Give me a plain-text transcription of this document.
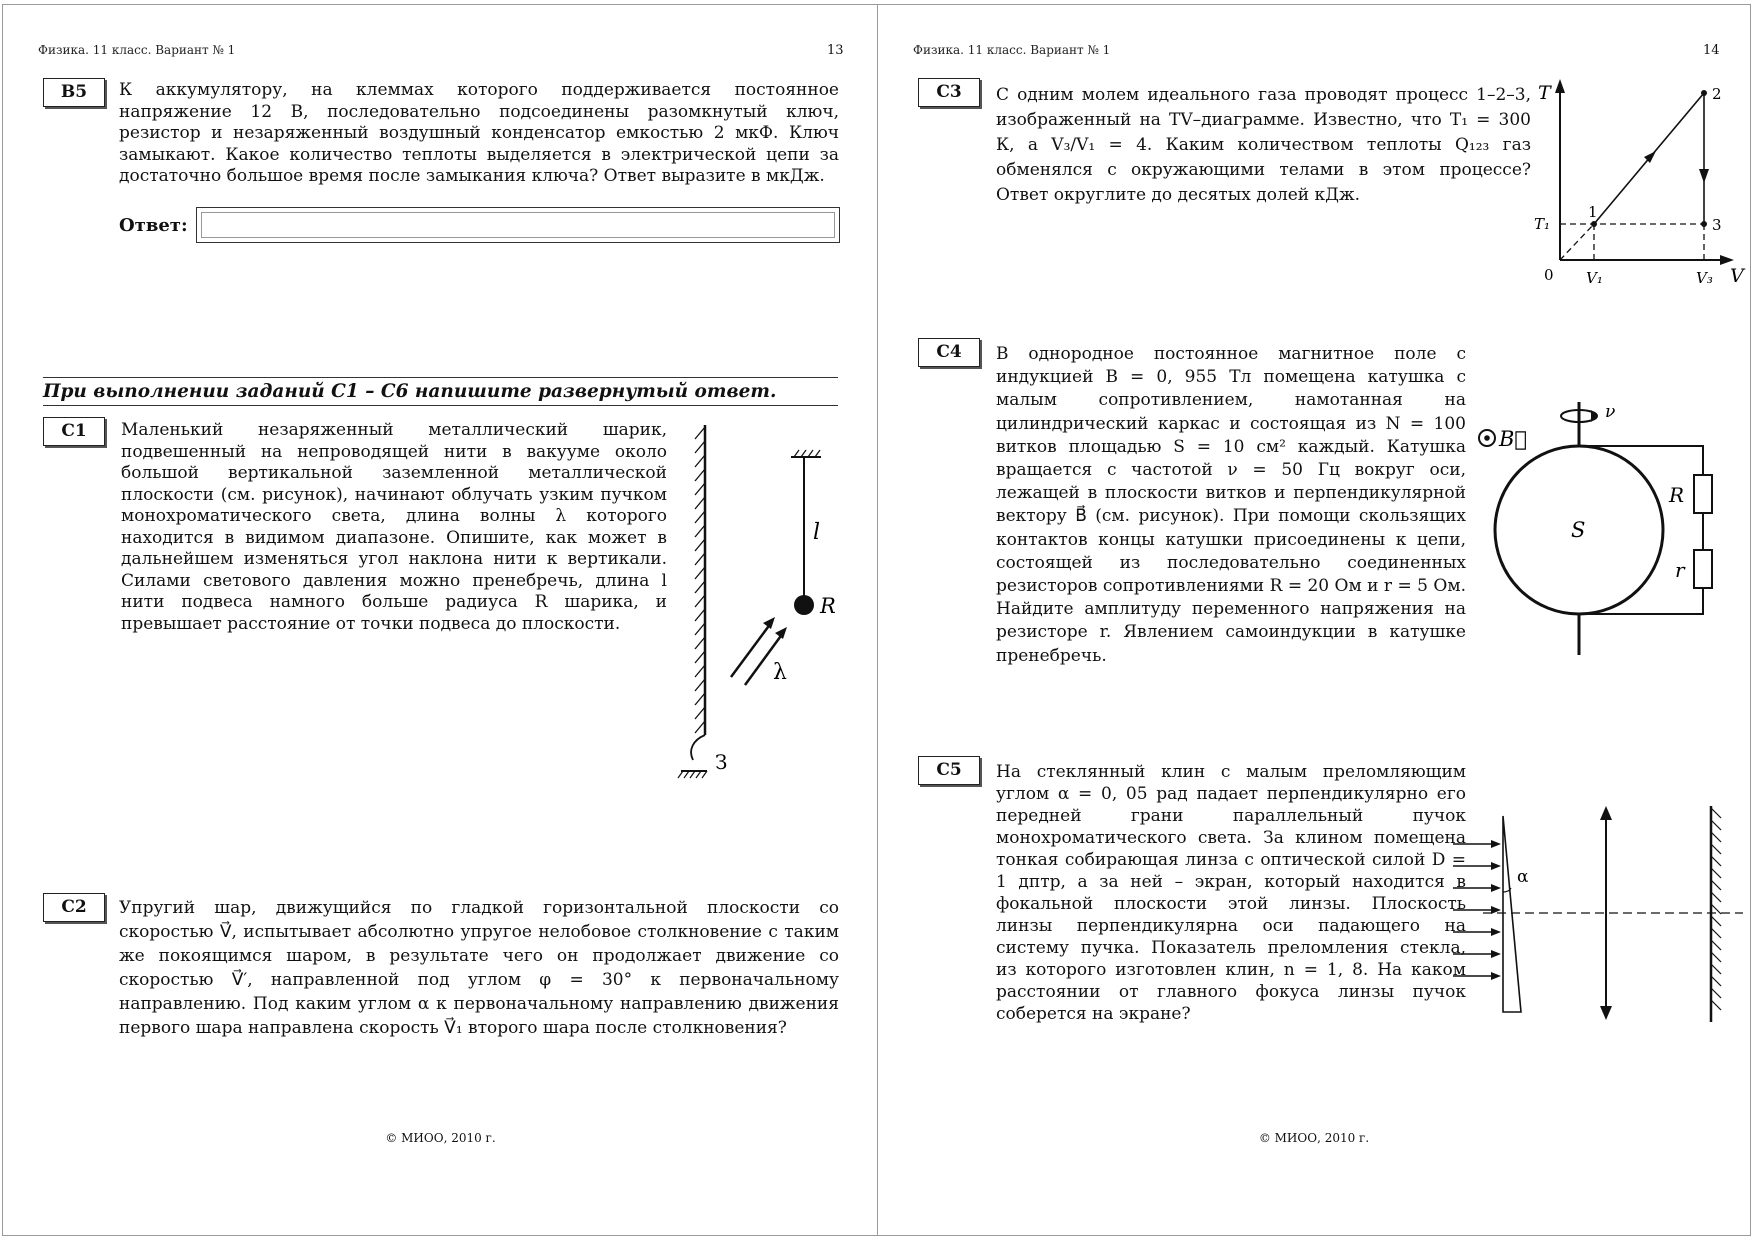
Физика. 11 класс. Вариант № 1	13
B5	К аккумулятору, на клеммах которого поддерживается постоянное напряжение 12 В, последовательно подсоединены разомкнутый ключ, резистор и незаряженный воздушный конденсатор емкостью 2 мкФ. Ключ замыкают. Какое количество теплоты выделяется в электрической цепи за достаточно большое время после замыкания ключа? Ответ выразите в мкДж.
Ответ:
При выполнении заданий С1 – С6 напишите развернутый ответ.
С1	Маленький незаряженный металлический шарик, подвешенный на непроводящей нити в вакууме около большой вертикальной заземленной металлической плоскости (см. рисунок), начинают облучать узким пучком монохроматического света, длина волны λ которого находится в видимом диапазоне. Опишите, как может в дальнейшем изменяться угол наклона нити к вертикали. Силами светового давления можно пренебречь, длина l нити подвеса намного больше радиуса R шарика, и превышает расстояние от точки подвеса до плоскости.
З
l
R
λ
С2	Упругий шар, движущийся по гладкой горизонтальной плоскости со скоростью V⃗, испытывает абсолютно упругое нелобовое столкновение с таким же покоящимся шаром, в результате чего он продолжает движение со скоростью V⃗′, направленной под углом φ = 30° к первоначальному направлению. Под каким углом α к первоначальному направлению движения первого шара направлена скорость V⃗₁ второго шара после столкновения?
© МИОО, 2010 г.
Физика. 11 класс. Вариант № 1	14
С3	С одним молем идеального газа проводят процесс 1–2–3, изображенный на TV–диаграмме. Известно, что T₁ = 300 К, а V₃/V₁ = 4. Каким количеством теплоты Q₁₂₃ газ обменялся с окружающими телами в этом процессе? Ответ округлите до десятых долей кДж.
T
V
0
1
2
3
T₁
V₁	V₃
С4	В однородное постоянное магнитное поле с индукцией B = 0, 955 Тл помещена катушка с малым сопротивлением, намотанная на цилиндрический каркас и состоящая из N = 100 витков площадью S = 10 см² каждый. Катушка вращается с частотой ν = 50 Гц вокруг оси, лежащей в плоскости витков и перпендикулярной вектору B⃗ (см. рисунок). При помощи скользящих контактов концы катушки присоединены к цепи, состоящей из последовательно соединенных резисторов сопротивлениями R = 20 Ом и r = 5 Ом. Найдите амплитуду переменного напряжения на резисторе r. Явлением самоиндукции в катушке пренебречь.
B⃗
ν
S
R
r
С5	На стеклянный клин с малым преломляющим углом α = 0, 05 рад падает перпендикулярно его передней грани параллельный пучок монохроматического света. За клином помещена тонкая собирающая линза с оптической силой D = 1 дптр, а за ней – экран, который находится в фокальной плоскости этой линзы. Плоскость линзы перпендикулярна оси падающего на систему пучка. Показатель преломления стекла, из которого изготовлен клин, n = 1, 8. На каком расстоянии от главного фокуса линзы пучок соберется на экране?
α
© МИОО, 2010 г.
